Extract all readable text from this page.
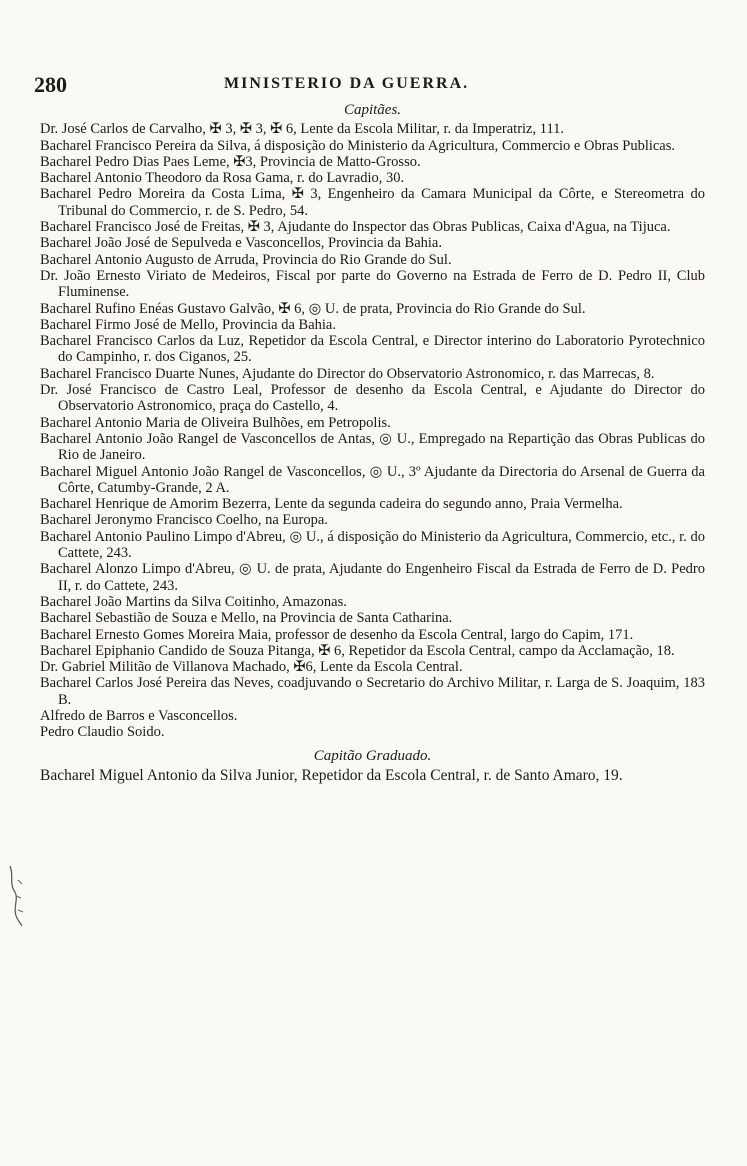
280	MINISTERIO DA GUERRA.
Capitães.

Dr. José Carlos de Carvalho, ✠ 3, ✠ 3, ✠ 6, Lente da Escola Militar, r. da Imperatriz, 111.

Bacharel Francisco Pereira da Silva, á disposição do Ministerio da Agricultura, Commercio e Obras Publicas.

Bacharel Pedro Dias Paes Leme, ✠3, Provincia de Matto-Grosso.

Bacharel Antonio Theodoro da Rosa Gama, r. do Lavradio, 30.

Bacharel Pedro Moreira da Costa Lima, ✠ 3, Engenheiro da Camara Municipal da Côrte, e Stereometra do Tribunal do Commercio, r. de S. Pedro, 54.

Bacharel Francisco José de Freitas, ✠ 3, Ajudante do Inspector das Obras Publicas, Caixa d'Agua, na Tijuca.

Bacharel João José de Sepulveda e Vasconcellos, Provincia da Bahia.

Bacharel Antonio Augusto de Arruda, Provincia do Rio Grande do Sul.

Dr. João Ernesto Viriato de Medeiros, Fiscal por parte do Governo na Estrada de Ferro de D. Pedro II, Club Fluminense.

Bacharel Rufino Enéas Gustavo Galvão, ✠ 6, ◎ U. de prata, Provincia do Rio Grande do Sul.

Bacharel Firmo José de Mello, Provincia da Bahia.

Bacharel Francisco Carlos da Luz, Repetidor da Escola Central, e Director interino do Laboratorio Pyrotechnico do Campinho, r. dos Ciganos, 25.

Bacharel Francisco Duarte Nunes, Ajudante do Director do Observatorio Astronomico, r. das Marrecas, 8.

Dr. José Francisco de Castro Leal, Professor de desenho da Escola Central, e Ajudante do Director do Observatorio Astronomico, praça do Castello, 4.

Bacharel Antonio Maria de Oliveira Bulhões, em Petropolis.

Bacharel Antonio João Rangel de Vasconcellos de Antas, ◎ U., Empregado na Repartição das Obras Publicas do Rio de Janeiro.

Bacharel Miguel Antonio João Rangel de Vasconcellos, ◎ U., 3º Ajudante da Directoria do Arsenal de Guerra da Côrte, Catumby-Grande, 2 A.

Bacharel Henrique de Amorim Bezerra, Lente da segunda cadeira do segundo anno, Praia Vermelha.

Bacharel Jeronymo Francisco Coelho, na Europa.

Bacharel Antonio Paulino Limpo d'Abreu, ◎ U., á disposição do Ministerio da Agricultura, Commercio, etc., r. do Cattete, 243.

Bacharel Alonzo Limpo d'Abreu, ◎ U. de prata, Ajudante do Engenheiro Fiscal da Estrada de Ferro de D. Pedro II, r. do Cattete, 243.

Bacharel João Martins da Silva Coitinho, Amazonas.

Bacharel Sebastião de Souza e Mello, na Provincia de Santa Catharina.

Bacharel Ernesto Gomes Moreira Maia, professor de desenho da Escola Central, largo do Capim, 171.

Bacharel Epiphanio Candido de Souza Pitanga, ✠ 6, Repetidor da Escola Central, campo da Acclamação, 18.

Dr. Gabriel Militão de Villanova Machado, ✠6, Lente da Escola Central.

Bacharel Carlos José Pereira das Neves, coadjuvando o Secretario do Archivo Militar, r. Larga de S. Joaquim, 183 B.

Alfredo de Barros e Vasconcellos.

Pedro Claudio Soido.

Capitão Graduado.

Bacharel Miguel Antonio da Silva Junior, Repetidor da Escola Central, r. de Santo Amaro, 19.
